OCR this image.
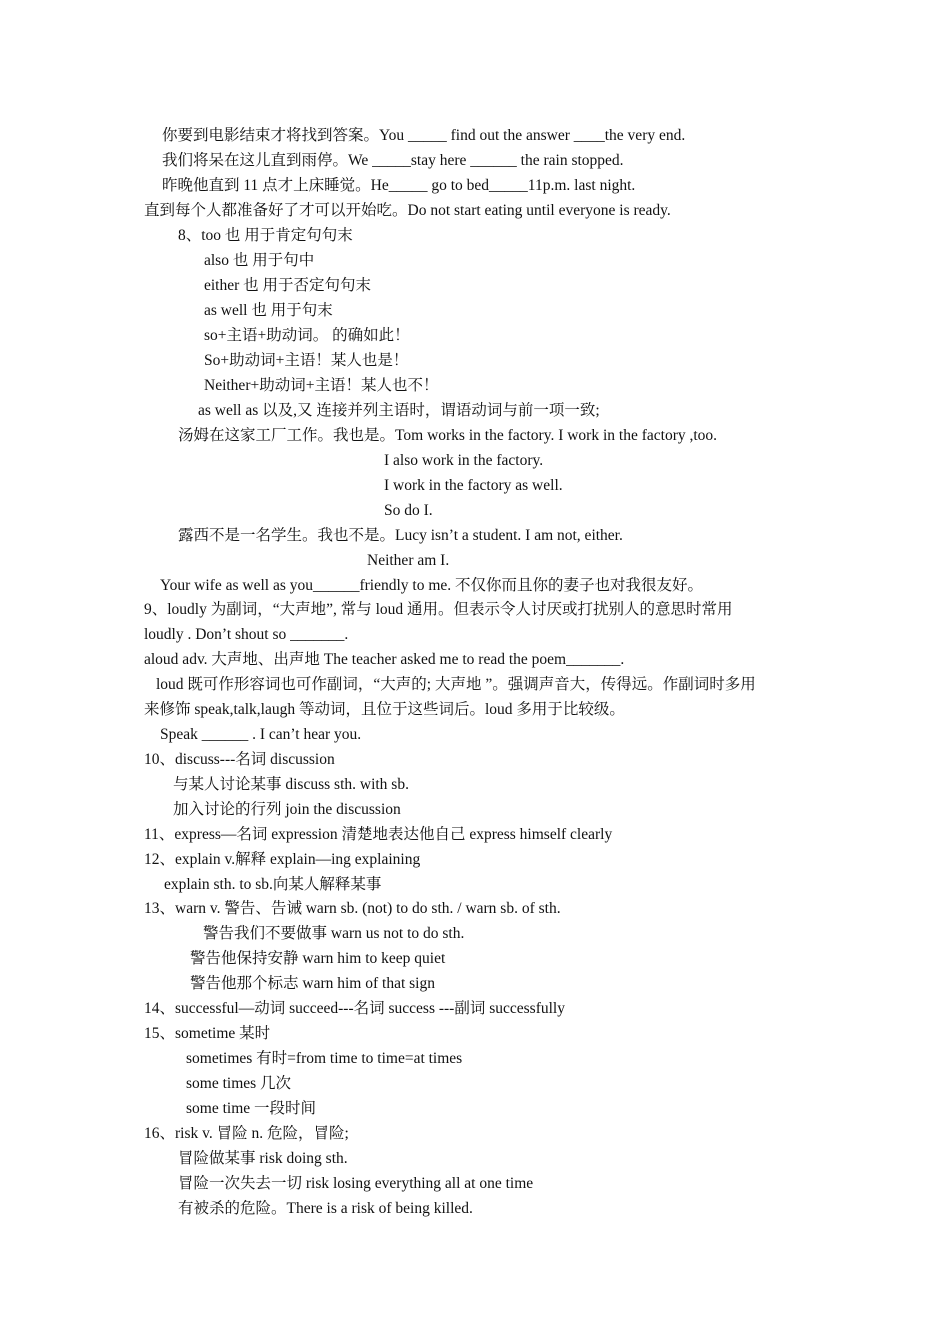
你要到电影结束才将找到答案。You _____ find out the answer ____the very end.
我们将呆在这儿直到雨停。We _____stay here ______ the rain stopped.
昨晚他直到 11 点才上床睡觉。He_____ go to bed_____11p.m. last night.
直到每个人都准备好了才可以开始吃。Do not start eating until everyone is ready.
8、too 也 用于肯定句句末
also 也 用于句中
either 也 用于否定句句末
as well 也 用于句末
so+主语+助动词。 的确如此！
So+助动词+主语！某人也是！
Neither+助动词+主语！某人也不！
as well as 以及,又 连接并列主语时，谓语动词与前一项一致;
汤姆在这家工厂工作。我也是。Tom works in the factory. I work in the factory ,too.
I also work in the factory.
I work in the factory as well.
So do I.
露西不是一名学生。我也不是。Lucy isn’t a student. I am not, either.
Neither am I.
Your wife as well as you______friendly to me. 不仅你而且你的妻子也对我很友好。
9、loudly 为副词，“大声地”, 常与 loud 通用。但表示令人讨厌或打扰别人的意思时常用
loudly . Don’t shout so _______.
aloud adv. 大声地、出声地 The teacher asked me to read the poem_______.
loud 既可作形容词也可作副词，“大声的; 大声地 ”。强调声音大，传得远。作副词时多用
来修饰 speak,talk,laugh 等动词，且位于这些词后。loud 多用于比较级。
Speak ______ . I can’t hear you.
10、discuss---名词 discussion
与某人讨论某事 discuss sth. with sb.
加入讨论的行列 join the discussion
11、express—名词 expression 清楚地表达他自己 express himself clearly
12、explain v.解释 explain—ing explaining
explain sth. to sb.向某人解释某事
13、warn v. 警告、告诫 warn sb. (not) to do sth. / warn sb. of sth.
警告我们不要做事 warn us not to do sth.
警告他保持安静 warn him to keep quiet
警告他那个标志 warn him of that sign
14、successful—动词 succeed---名词 success ---副词 successfully
15、sometime 某时
sometimes 有时=from time to time=at times
some times 几次
some time 一段时间
16、risk v. 冒险 n. 危险，冒险;
冒险做某事 risk doing sth.
冒险一次失去一切 risk losing everything all at one time
有被杀的危险。There is a risk of being killed.
